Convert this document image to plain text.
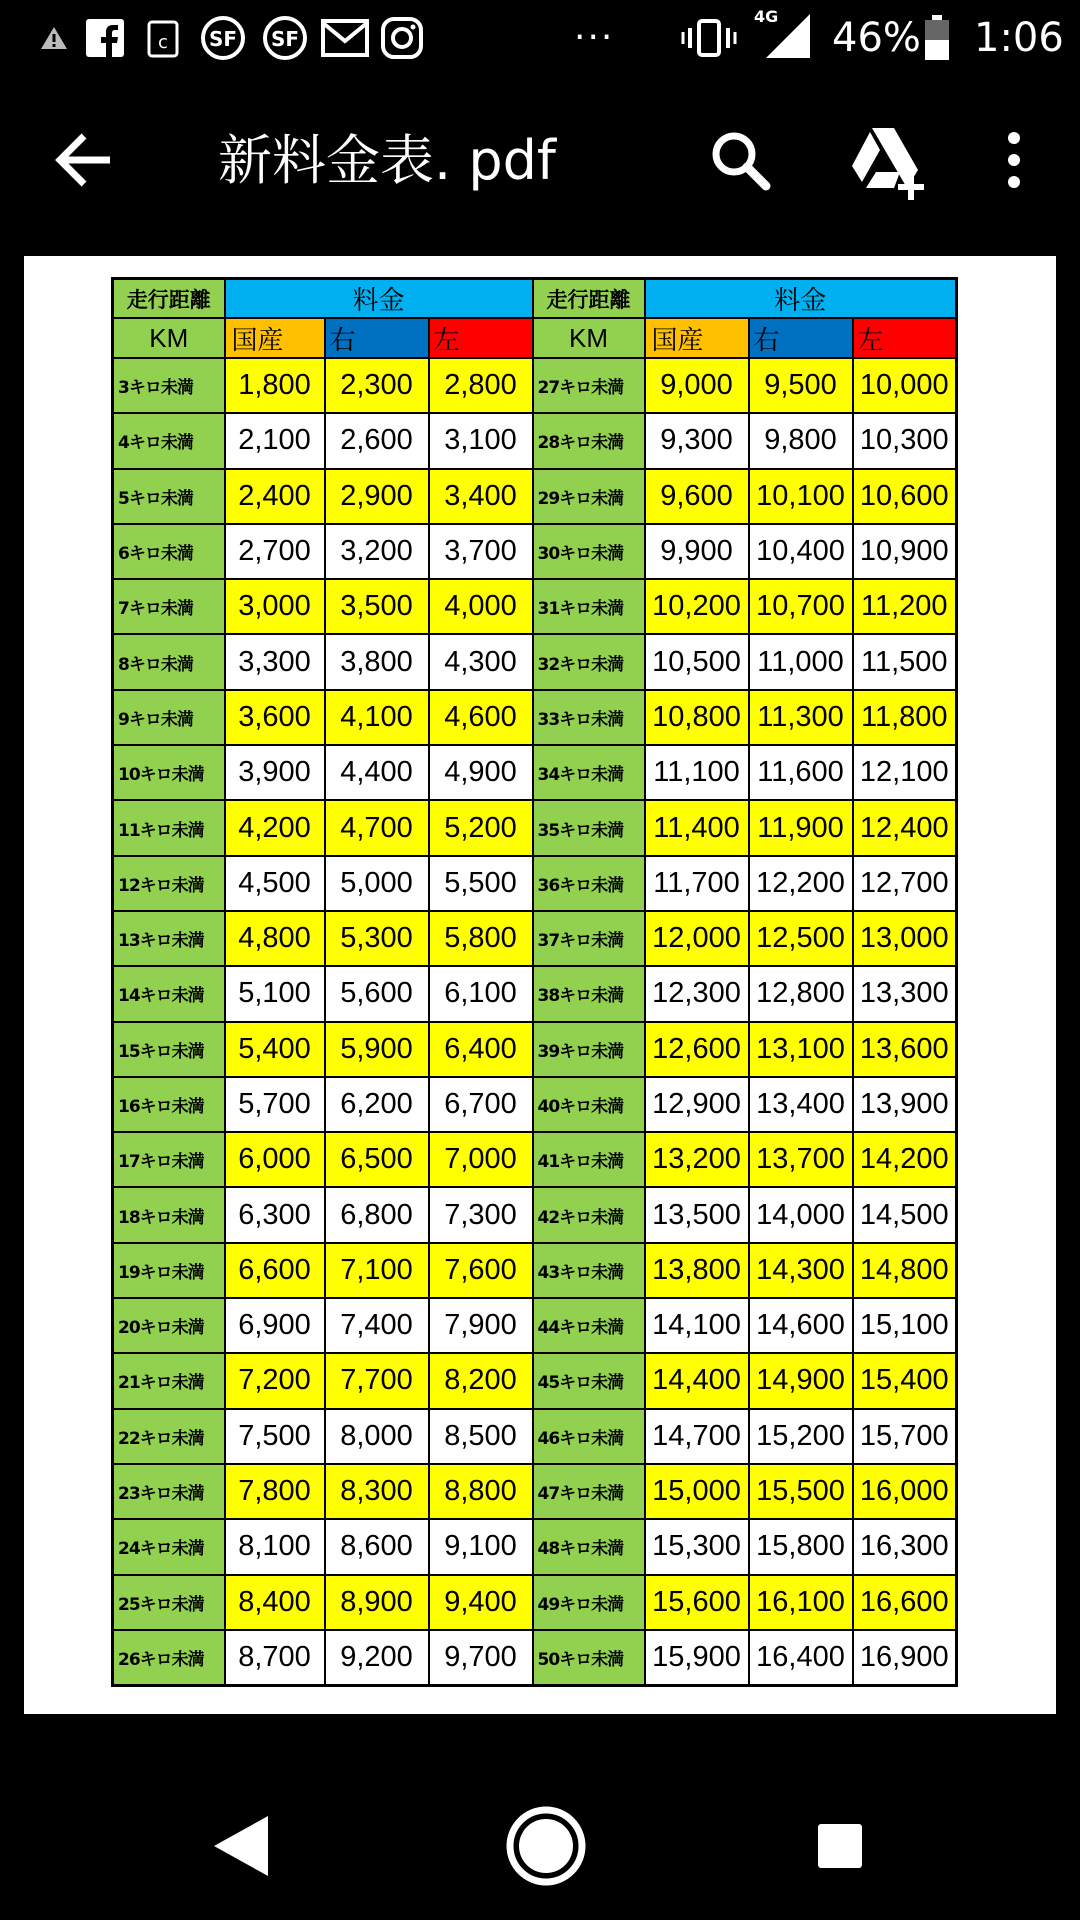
c SF SF	···
4G 46% 1:06
新料金表. pdf
走行距離	料金			走行距離	料金		
KM	国産	右	左	KM	国産	右	左
3キロ未満	1,800	2,300	2,800	27キロ未満	9,000	9,500	10,000
4キロ未満	2,100	2,600	3,100	28キロ未満	9,300	9,800	10,300
5キロ未満	2,400	2,900	3,400	29キロ未満	9,600	10,100	10,600
6キロ未満	2,700	3,200	3,700	30キロ未満	9,900	10,400	10,900
7キロ未満	3,000	3,500	4,000	31キロ未満	10,200	10,700	11,200
8キロ未満	3,300	3,800	4,300	32キロ未満	10,500	11,000	11,500
9キロ未満	3,600	4,100	4,600	33キロ未満	10,800	11,300	11,800
10キロ未満	3,900	4,400	4,900	34キロ未満	11,100	11,600	12,100
11キロ未満	4,200	4,700	5,200	35キロ未満	11,400	11,900	12,400
12キロ未満	4,500	5,000	5,500	36キロ未満	11,700	12,200	12,700
13キロ未満	4,800	5,300	5,800	37キロ未満	12,000	12,500	13,000
14キロ未満	5,100	5,600	6,100	38キロ未満	12,300	12,800	13,300
15キロ未満	5,400	5,900	6,400	39キロ未満	12,600	13,100	13,600
16キロ未満	5,700	6,200	6,700	40キロ未満	12,900	13,400	13,900
17キロ未満	6,000	6,500	7,000	41キロ未満	13,200	13,700	14,200
18キロ未満	6,300	6,800	7,300	42キロ未満	13,500	14,000	14,500
19キロ未満	6,600	7,100	7,600	43キロ未満	13,800	14,300	14,800
20キロ未満	6,900	7,400	7,900	44キロ未満	14,100	14,600	15,100
21キロ未満	7,200	7,700	8,200	45キロ未満	14,400	14,900	15,400
22キロ未満	7,500	8,000	8,500	46キロ未満	14,700	15,200	15,700
23キロ未満	7,800	8,300	8,800	47キロ未満	15,000	15,500	16,000
24キロ未満	8,100	8,600	9,100	48キロ未満	15,300	15,800	16,300
25キロ未満	8,400	8,900	9,400	49キロ未満	15,600	16,100	16,600
26キロ未満	8,700	9,200	9,700	50キロ未満	15,900	16,400	16,900
